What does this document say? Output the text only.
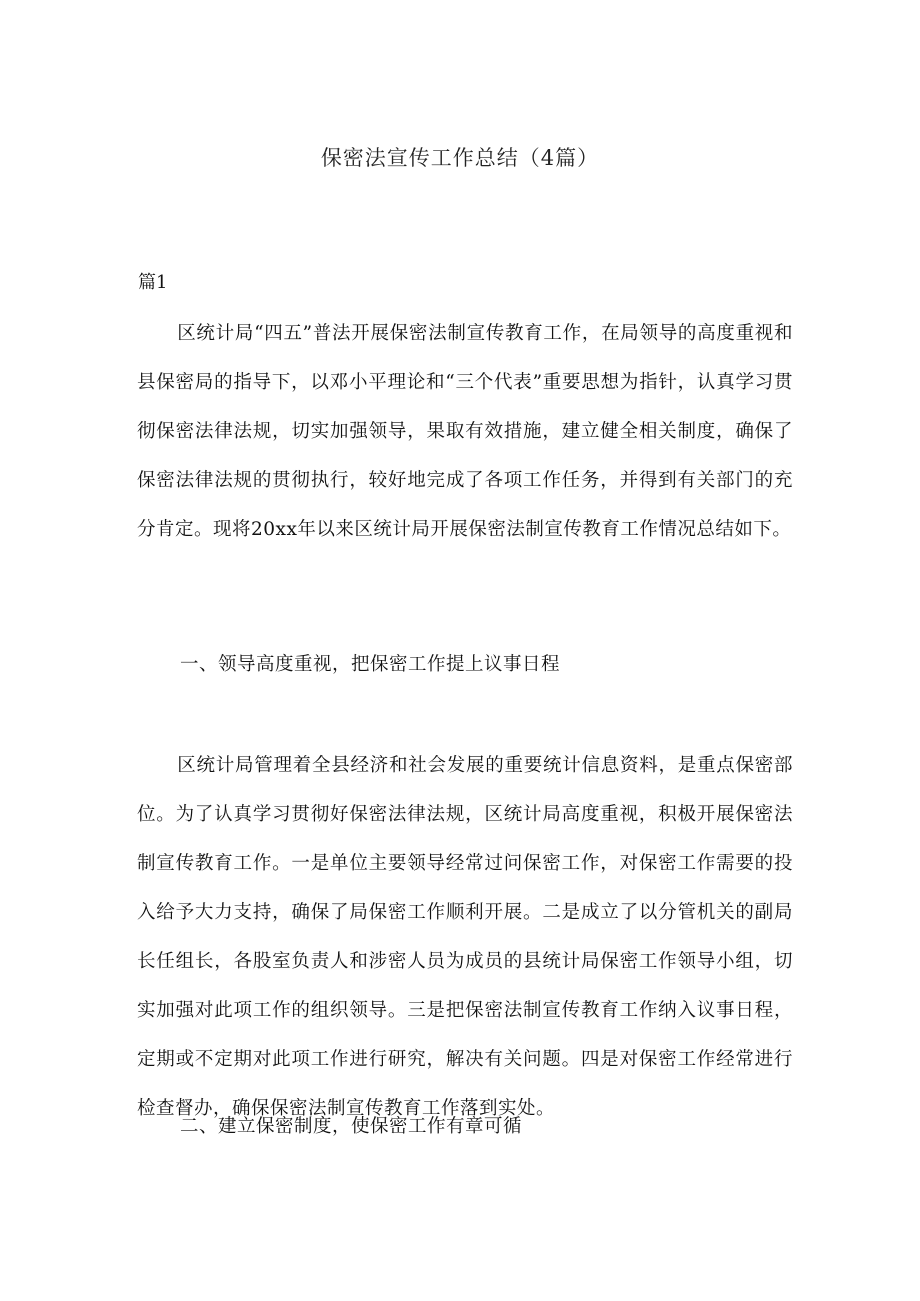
保密法宣传工作总结（4篇）
篇1
区统计局“四五”普法开展保密法制宣传教育工作，在局领导的高度重视和县保密局的指导下，以邓小平理论和“三个代表”重要思想为指针，认真学习贯彻保密法律法规，切实加强领导，果取有效措施，建立健全相关制度，确保了保密法律法规的贯彻执行，较好地完成了各项工作任务，并得到有关部门的充分肯定。现将20xx年以来区统计局开展保密法制宣传教育工作情况总结如下。
一、领导高度重视，把保密工作提上议事日程
区统计局管理着全县经济和社会发展的重要统计信息资料，是重点保密部位。为了认真学习贯彻好保密法律法规，区统计局高度重视，积极开展保密法制宣传教育工作。一是单位主要领导经常过问保密工作，对保密工作需要的投入给予大力支持，确保了局保密工作顺利开展。二是成立了以分管机关的副局长任组长，各股室负责人和涉密人员为成员的县统计局保密工作领导小组，切实加强对此项工作的组织领导。三是把保密法制宣传教育工作纳入议事日程，定期或不定期对此项工作进行研究，解决有关问题。四是对保密工作经常进行检查督办，确保保密法制宣传教育工作落到实处。
二、建立保密制度，使保密工作有章可循
